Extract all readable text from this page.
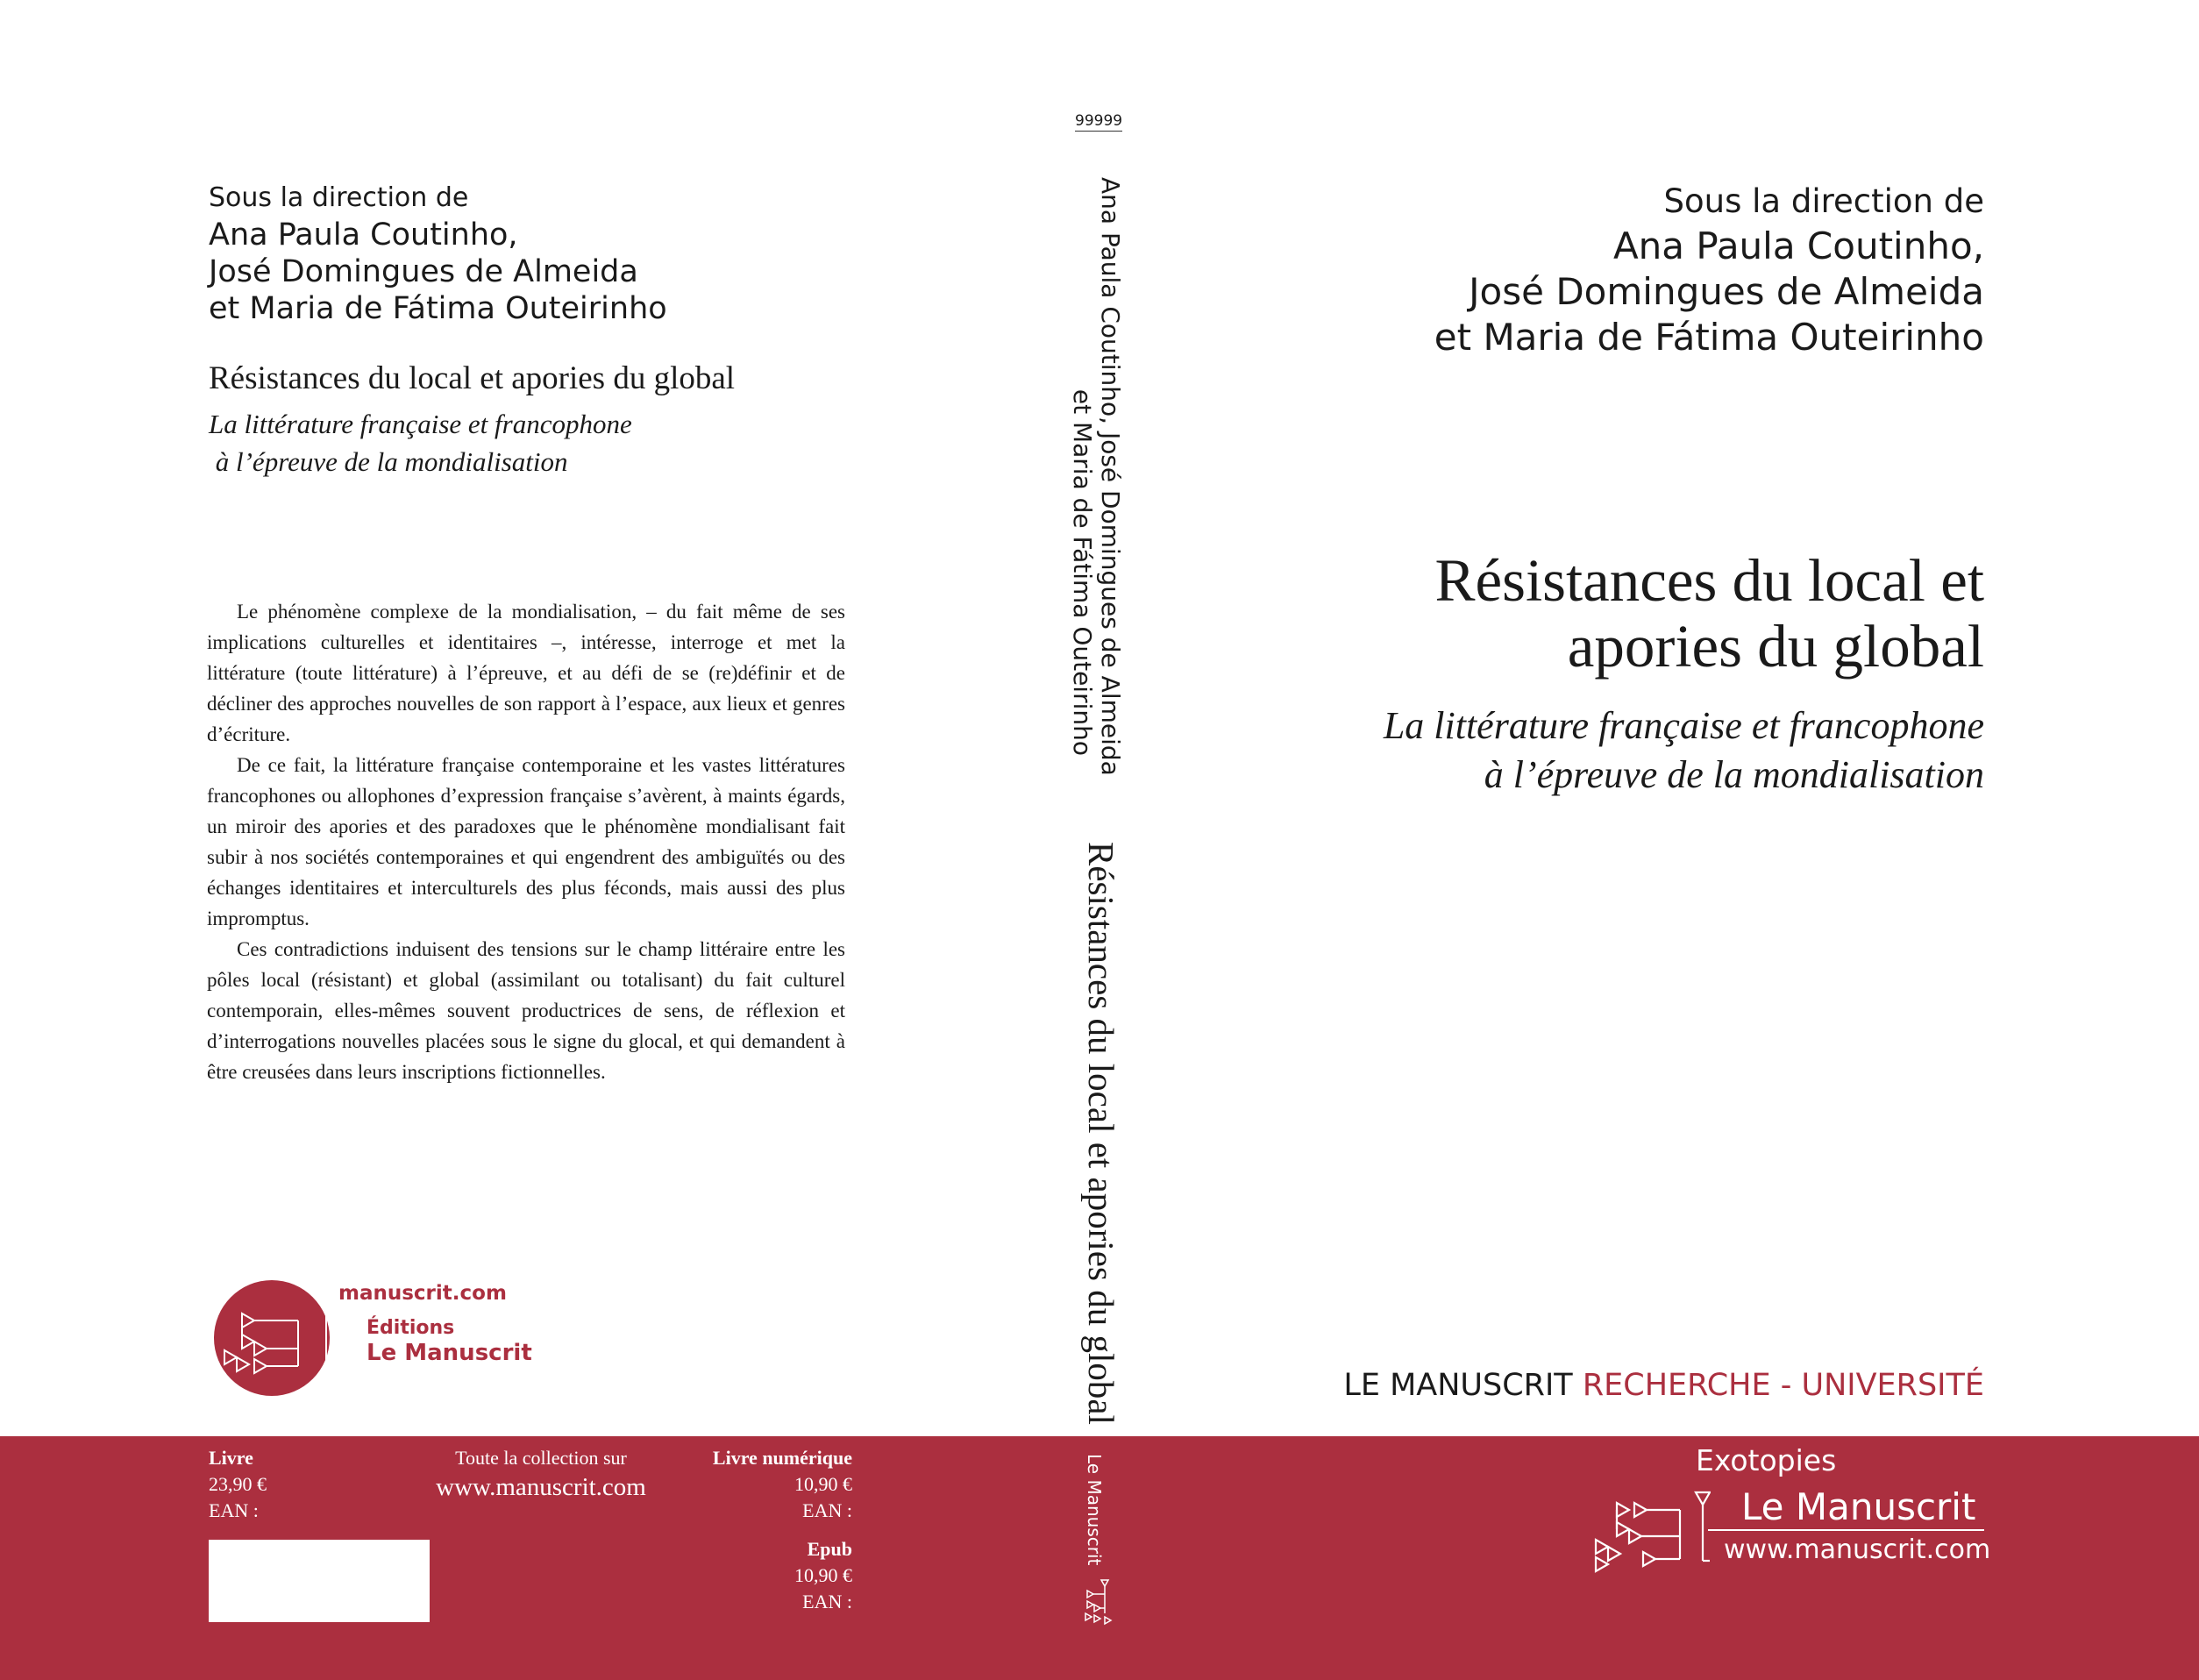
Sous la direction de
Ana Paula Coutinho,
José Domingues de Almeida
et Maria de Fátima Outeirinho
Résistances du local et apories du global
La littérature française et francophone
à l’épreuve de la mondialisation

Le phénomène complexe de la mondialisation, – du fait même de ses implications culturelles et identitaires –, intéresse, interroge et met la littérature (toute littérature) à l’épreuve, et au défi de se (re)définir et de décliner des approches nouvelles de son rapport à l’espace, aux lieux et genres d’écriture.

De ce fait, la littérature française contemporaine et les vastes littératures francophones ou allophones d’expression française s’avèrent, à maints égards, un miroir des apories et des paradoxes que le phénomène mondialisant fait subir à nos sociétés contemporaines et qui engendrent des ambiguïtés ou des échanges identitaires et interculturels des plus féconds, mais aussi des plus impromptus.

Ces contradictions induisent des tensions sur le champ littéraire entre les pôles local (résistant) et global (assimilant ou totalisant) du fait culturel contemporain, elles-mêmes souvent productrices de sens, de réflexion et d’interrogations nouvelles placées sous le signe du glocal, et qui demandent à être creusées dans leurs inscriptions fictionnelles.

manuscrit.com
Éditions
Le Manuscrit
99999
Ana Paula Coutinho, José Domingues de Almeida
et Maria de Fátima Outeirinho
Résistances du local et apories du global
Sous la direction de
Ana Paula Coutinho,
José Domingues de Almeida
et Maria de Fátima Outeirinho
Résistances du local et
apories du global
La littérature française et francophone
à l’épreuve de la mondialisation
LE MANUSCRIT RECHERCHE - UNIVERSITÉ
Livre
23,90 €
EAN :
Toute la collection sur
www.manuscrit.com
Livre numérique
10,90 €
EAN :
Epub
10,90 €
EAN :
Le Manuscrit	Exotopies
Le Manuscrit
www.manuscrit.com
